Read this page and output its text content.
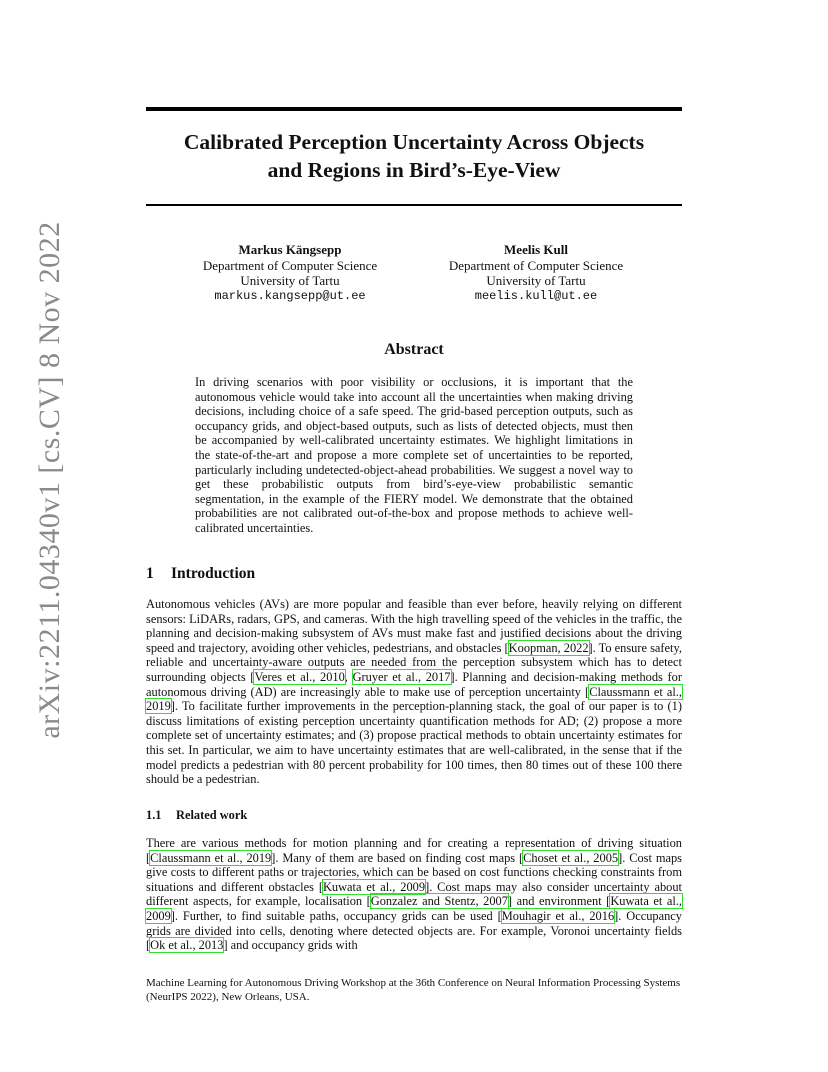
arXiv:2211.04340v1 [cs.CV] 8 Nov 2022
Calibrated Perception Uncertainty Across Objects
and Regions in Bird’s-Eye-View
Markus Kängsepp
Department of Computer Science
University of Tartu
markus.kangsepp@ut.ee
Meelis Kull
Department of Computer Science
University of Tartu
meelis.kull@ut.ee
Abstract
In driving scenarios with poor visibility or occlusions, it is important that the autonomous vehicle would take into account all the uncertainties when making driving decisions, including choice of a safe speed. The grid-based perception outputs, such as occupancy grids, and object-based outputs, such as lists of detected objects, must then be accompanied by well-calibrated uncertainty estimates. We highlight limitations in the state-of-the-art and propose a more complete set of uncertainties to be reported, particularly including undetected-object-ahead probabilities. We suggest a novel way to get these probabilistic outputs from bird’s-eye-view probabilistic semantic segmentation, in the example of the FIERY model. We demonstrate that the obtained probabilities are not calibrated out-of-the-box and propose methods to achieve well-calibrated uncertainties.
1 Introduction
Autonomous vehicles (AVs) are more popular and feasible than ever before, heavily relying on different sensors: LiDARs, radars, GPS, and cameras. With the high travelling speed of the vehicles in the traffic, the planning and decision-making subsystem of AVs must make fast and justified decisions about the driving speed and trajectory, avoiding other vehicles, pedestrians, and obstacles [Koopman, 2022]. To ensure safety, reliable and uncertainty-aware outputs are needed from the perception subsystem which has to detect surrounding objects [Veres et al., 2010, Gruyer et al., 2017]. Planning and decision-making methods for autonomous driving (AD) are increasingly able to make use of perception uncertainty [Claussmann et al., 2019]. To facilitate further improvements in the perception-planning stack, the goal of our paper is to (1) discuss limitations of existing perception uncertainty quantification methods for AD; (2) propose a more complete set of uncertainty estimates; and (3) propose practical methods to obtain uncertainty estimates for this set. In particular, we aim to have uncertainty estimates that are well-calibrated, in the sense that if the model predicts a pedestrian with 80 percent probability for 100 times, then 80 times out of these 100 there should be a pedestrian.
1.1 Related work
There are various methods for motion planning and for creating a representation of driving situation [Claussmann et al., 2019]. Many of them are based on finding cost maps [Choset et al., 2005]. Cost maps give costs to different paths or trajectories, which can be based on cost functions checking constraints from situations and different obstacles [Kuwata et al., 2009]. Cost maps may also consider uncertainty about different aspects, for example, localisation [Gonzalez and Stentz, 2007] and environment [Kuwata et al., 2009]. Further, to find suitable paths, occupancy grids can be used [Mouhagir et al., 2016]. Occupancy grids are divided into cells, denoting where detected objects are. For example, Voronoi uncertainty fields [Ok et al., 2013] and occupancy grids with
Machine Learning for Autonomous Driving Workshop at the 36th Conference on Neural Information Processing Systems (NeurIPS 2022), New Orleans, USA.
